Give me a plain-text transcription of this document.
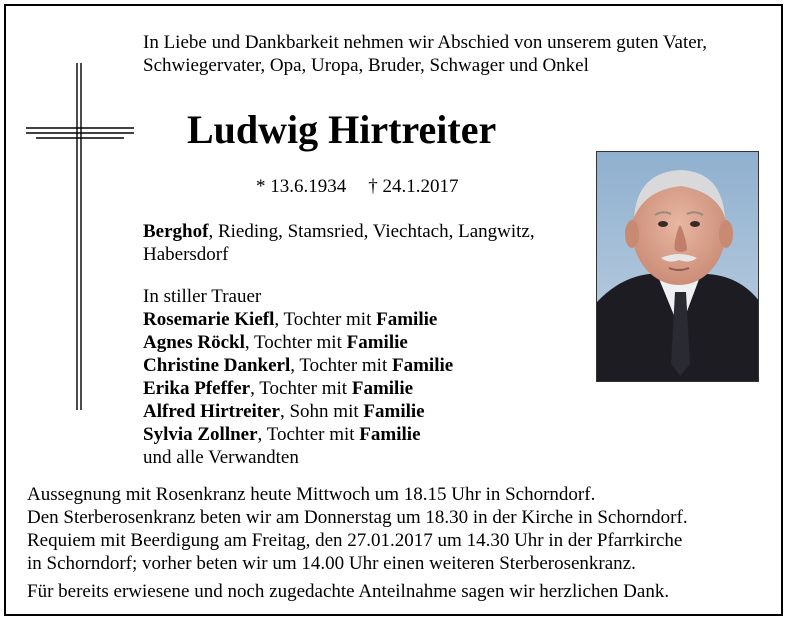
In Liebe und Dankbarkeit nehmen wir Abschied von unserem guten Vater,
Schwiegervater, Opa, Uropa, Bruder, Schwager und Onkel
Ludwig Hirtreiter
* 13.6.1934 † 24.1.2017
Berghof, Rieding, Stamsried, Viechtach, Langwitz,
Habersdorf
In stiller Trauer
Rosemarie Kiefl, Tochter mit Familie
Agnes Röckl, Tochter mit Familie
Christine Dankerl, Tochter mit Familie
Erika Pfeffer, Tochter mit Familie
Alfred Hirtreiter, Sohn mit Familie
Sylvia Zollner, Tochter mit Familie
und alle Verwandten
Aussegnung mit Rosenkranz heute Mittwoch um 18.15 Uhr in Schorndorf.
Den Sterberosenkranz beten wir am Donnerstag um 18.30 in der Kirche in Schorndorf.
Requiem mit Beerdigung am Freitag, den 27.01.2017 um 14.30 Uhr in der Pfarrkirche
in Schorndorf; vorher beten wir um 14.00 Uhr einen weiteren Sterberosenkranz.
Für bereits erwiesene und noch zugedachte Anteilnahme sagen wir herzlichen Dank.
